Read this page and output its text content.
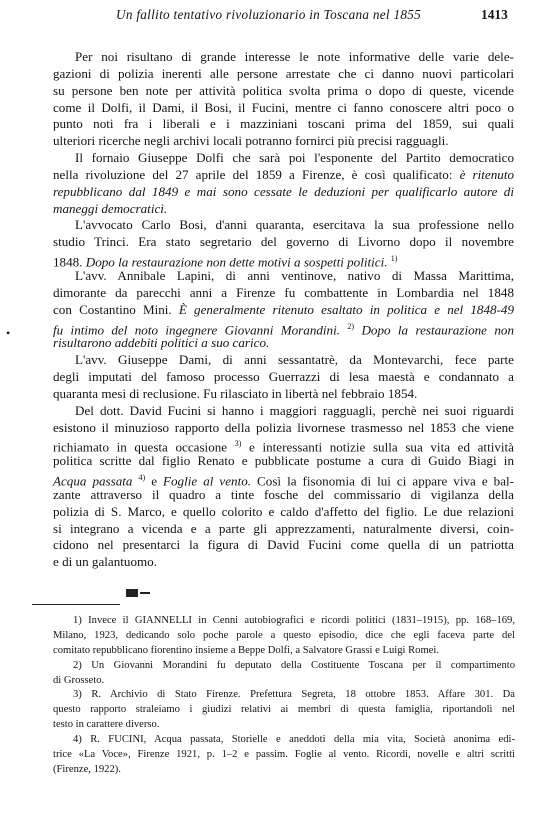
Un fallito tentativo rivoluzionario in Toscana nel 1855	1413
•
Per noi risultano di grande interesse le note informative delle varie dele-
gazioni di polizia inerenti alle persone arrestate che ci danno nuovi particolari
su persone ben note per attività politica svolta prima o dopo di queste, vicende
come il Dolfi, il Dami, il Bosi, il Fucini, mentre ci fanno conoscere altri poco o
punto noti fra i liberali e i mazziniani toscani prima del 1859, sui quali
ulteriori ricerche negli archivi locali potranno fornirci più precisi ragguagli.
Il fornaio Giuseppe Dolfi che sarà poi l'esponente del Partito democratico
nella rivoluzione del 27 aprile del 1859 a Firenze, è così qualificato: è ritenuto
repubblicano dal 1849 e mai sono cessate le deduzioni per qualificarlo autore di
maneggi democratici.
L'avvocato Carlo Bosi, d'anni quaranta, esercitava la sua professione nello
studio Trinci. Era stato segretario del governo di Livorno dopo il novembre
1848. Dopo la restaurazione non dette motivi a sospetti politici. $^{1)}$
L'avv. Annibale Lapini, di anni ventinove, nativo di Massa Marittima,
dimorante da parecchi anni a Firenze fu combattente in Lombardia nel 1848
con Costantino Mini. È generalmente ritenuto esaltato in politica e nel 1848-49
fu intimo del noto ingegnere Giovanni Morandini. $^{2)}$ Dopo la restaurazione non
risultarono addebiti politici a suo carico.
L'avv. Giuseppe Dami, di anni sessantatrè, da Montevarchi, fece parte
degli imputati del famoso processo Guerrazzi di lesa maestà e condannato a
quaranta mesi di reclusione. Fu rilasciato in libertà nel febbraio 1854.
Del dott. David Fucini si hanno i maggiori ragguagli, perchè nei suoi riguardi
esistono il minuzioso rapporto della polizia livornese trasmesso nel 1853 che viene
richiamato in questa occasione $^{3)}$ e interessanti notizie sulla sua vita ed attività
politica scritte dal figlio Renato e pubblicate postume a cura di Guido Biagi in
Acqua passata $^{4)}$ e Foglie al vento. Così la fisonomia di lui ci appare viva e bal-
zante attraverso il quadro a tinte fosche del commissario di vigilanza della
polizia di S. Marco, e quello colorito e caldo d'affetto del figlio. Le due relazioni
si integrano a vicenda e a parte gli apprezzamenti, naturalmente diversi, coin-
cidono nel presentarci la figura di David Fucini come quella di un patriotta
e di un galantuomo.
1) Invece il GIANNELLI in Cenni autobiografici e ricordi politici (1831–1915), pp. 168–169,
Milano, 1923, dedicando solo poche parole a questo episodio, dice che egli faceva parte del
comitato repubblicano fiorentino insieme a Beppe Dolfi, a Salvatore Grassi e Luigi Romei.
2) Un Giovanni Morandini fu deputato della Costituente Toscana per il compartimento
di Grosseto.
3) R. Archivio di Stato Firenze. Prefettura Segreta, 18 ottobre 1853. Affare 301. Da
questo rapporto straleiamo i giudizi relativi ai membri di questa famiglia, riportandoli nel
testo in carattere diverso.
4) R. FUCINI, Acqua passata, Storielle e aneddoti della mia vita, Società anonima edi-
trice «La Voce», Firenze 1921, p. 1–2 e passim. Foglie al vento. Ricordi, novelle e altri scritti
(Firenze, 1922).
